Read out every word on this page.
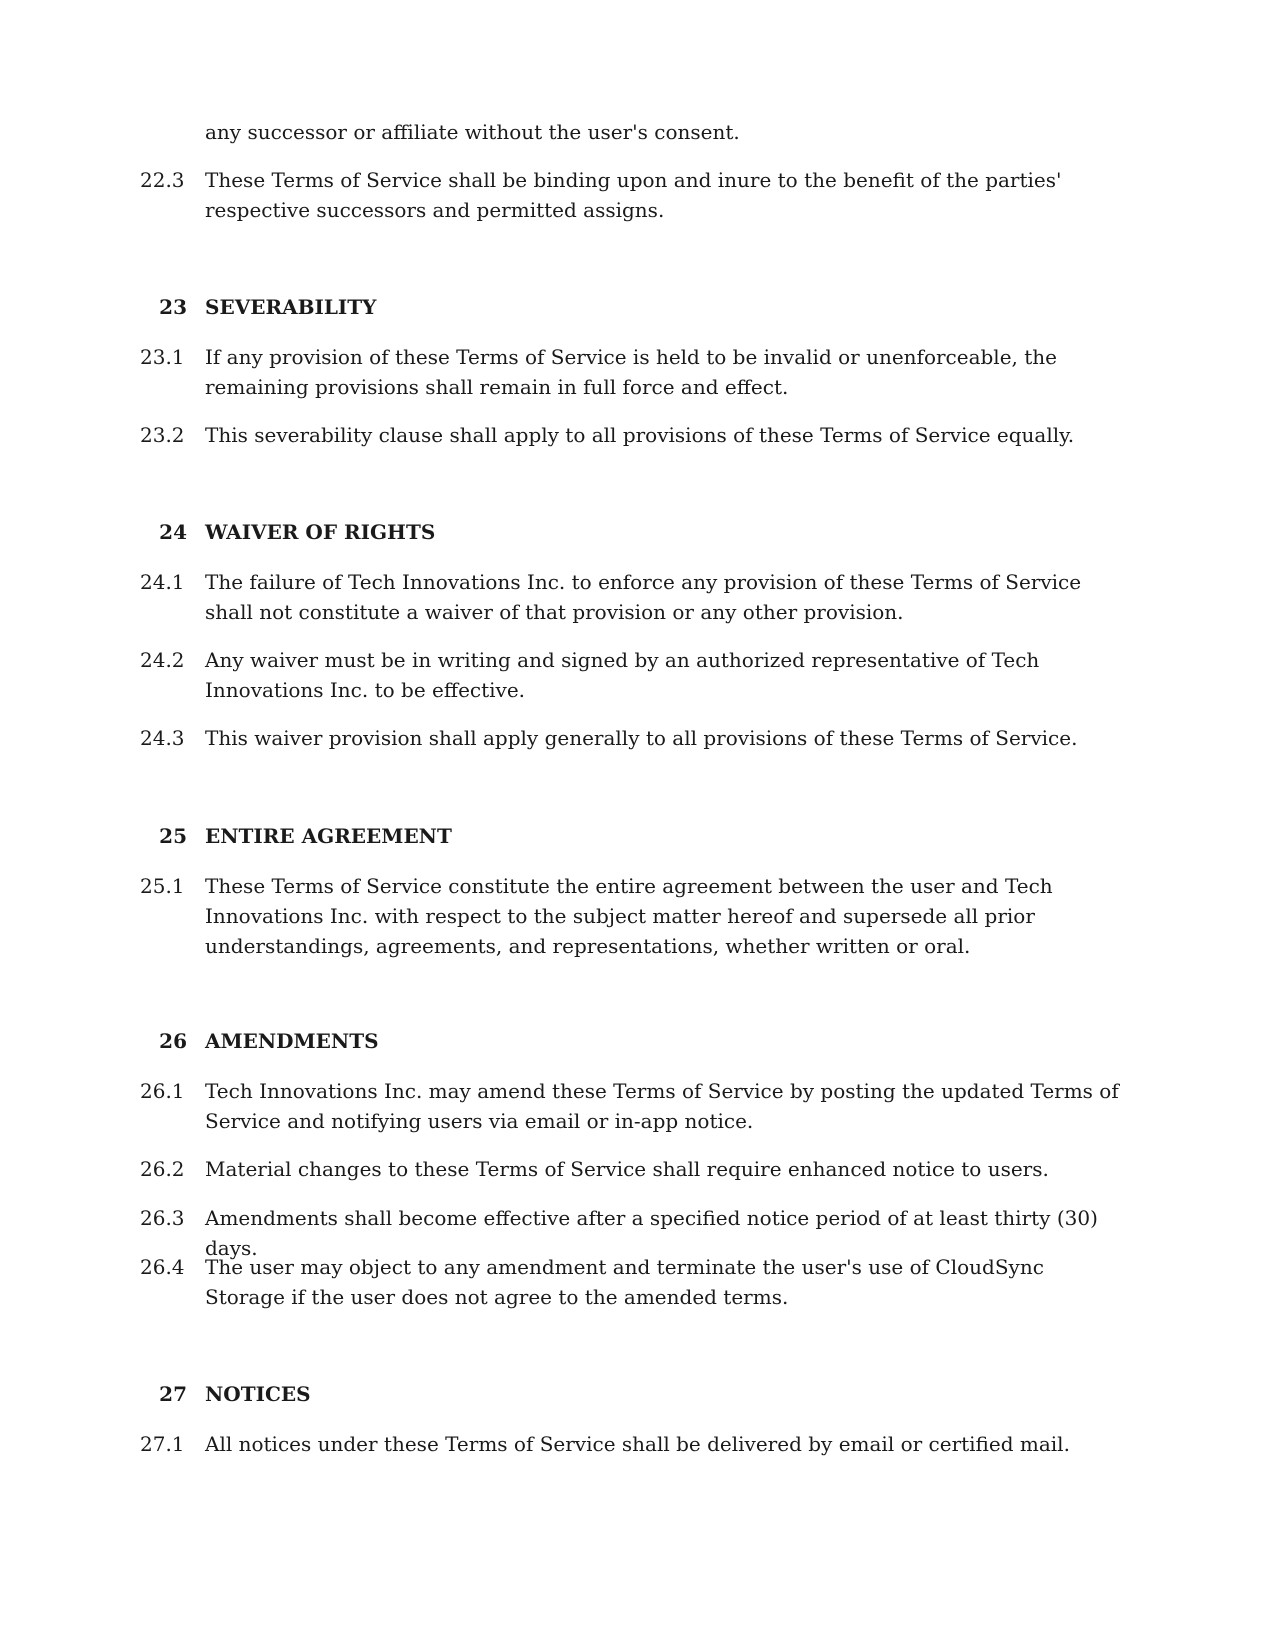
any successor or affiliate without the user's consent.

22.3	These Terms of Service shall be binding upon and inure to the benefit of the parties' respective successors and permitted assigns.
23 SEVERABILITY
23.1	If any provision of these Terms of Service is held to be invalid or unenforceable, the remaining provisions shall remain in full force and effect.
23.2	This severability clause shall apply to all provisions of these Terms of Service equally.
24 WAIVER OF RIGHTS
24.1	The failure of Tech Innovations Inc. to enforce any provision of these Terms of Service shall not constitute a waiver of that provision or any other provision.
24.2	Any waiver must be in writing and signed by an authorized representative of Tech Innovations Inc. to be effective.
24.3	This waiver provision shall apply generally to all provisions of these Terms of Service.
25 ENTIRE AGREEMENT
25.1	These Terms of Service constitute the entire agreement between the user and Tech Innovations Inc. with respect to the subject matter hereof and supersede all prior understandings, agreements, and representations, whether written or oral.
26 AMENDMENTS
26.1	Tech Innovations Inc. may amend these Terms of Service by posting the updated Terms of Service and notifying users via email or in-app notice.
26.2	Material changes to these Terms of Service shall require enhanced notice to users.
26.3	Amendments shall become effective after a specified notice period of at least thirty (30) days.
26.4	The user may object to any amendment and terminate the user's use of CloudSync Storage if the user does not agree to the amended terms.
27 NOTICES
27.1	All notices under these Terms of Service shall be delivered by email or certified mail.
